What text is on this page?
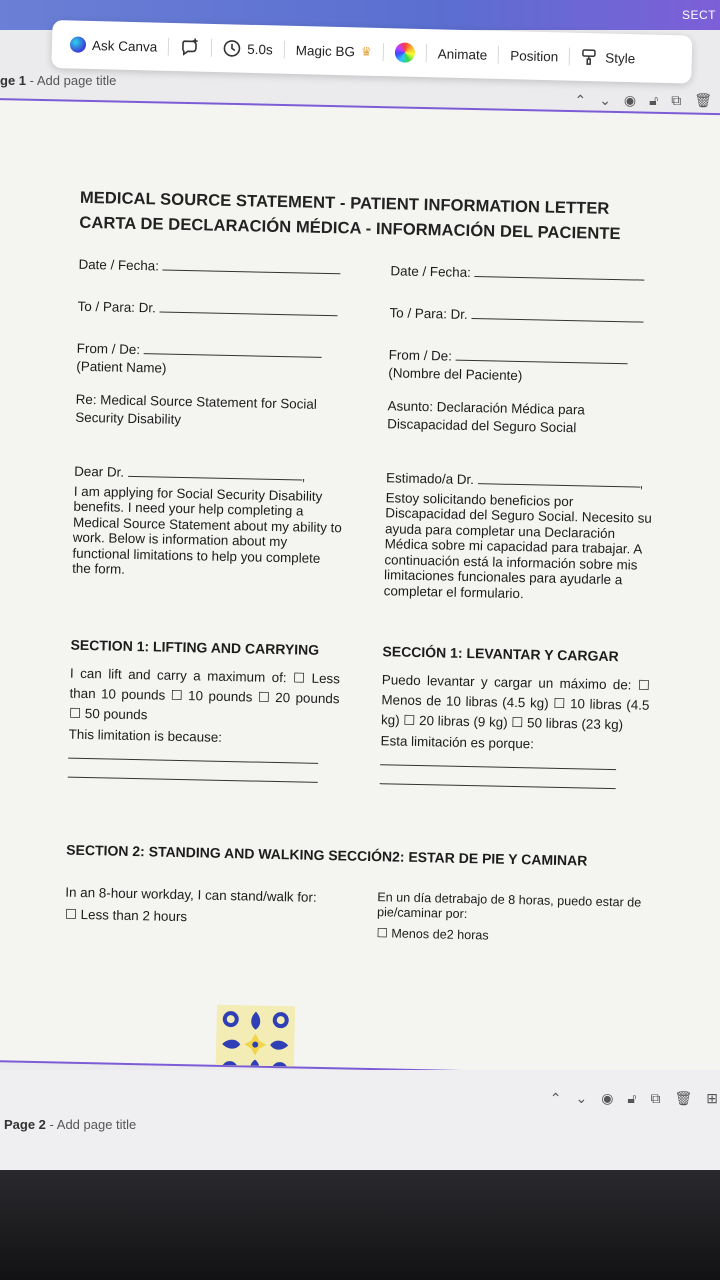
SECT
Ask Canva	5.0s Magic BG ♛	Animate Position	Style
ge 1 - Add page title
⌃ ⌄ ◉ 🔓︎ ⧉ 🗑︎
MEDICAL SOURCE STATEMENT - PATIENT INFORMATION LETTER
CARTA DE DECLARACIÓN MÉDICA - INFORMACIÓN DEL PACIENTE
Date / Fecha:
To / Para: Dr.
From / De:
(Patient Name)
Re: Medical Source Statement for Social Security Disability
Date / Fecha:
To / Para: Dr.
From / De:
(Nombre del Paciente)
Asunto: Declaración Médica para Discapacidad del Seguro Social
Dear Dr.	,
I am applying for Social Security Disability benefits. I need your help completing a Medical Source Statement about my ability to work. Below is information about my functional limitations to help you complete the form.
Estimado/a Dr.	,
Estoy solicitando beneficios por Discapacidad del Seguro Social. Necesito su ayuda para completar una Declaración Médica sobre mi capacidad para trabajar. A continuación está la información sobre mis limitaciones funcionales para ayudarle a completar el formulario.
SECTION 1: LIFTING AND CARRYING
I can lift and carry a maximum of: ☐ Less than 10 pounds ☐ 10 pounds ☐ 20 pounds ☐ 50 pounds
This limitation is because:
SECCIÓN 1: LEVANTAR Y CARGAR
Puedo levantar y cargar un máximo de: ☐ Menos de 10 libras (4.5 kg) ☐ 10 libras (4.5 kg) ☐ 20 libras (9 kg) ☐ 50 libras (23 kg)
Esta limitación es porque:
SECTION 2: STANDING AND WALKING SECCIÓN2: ESTAR DE PIE Y CAMINAR
In an 8-hour workday, I can stand/walk for:
☐ Less than 2 hours
En un día detrabajo de 8 horas, puedo estar de pie/caminar por:
☐ Menos de2 horas
⌃ ⌄ ◉ 🔓︎ ⧉ 🗑︎ ⊞
Page 2 - Add page title
